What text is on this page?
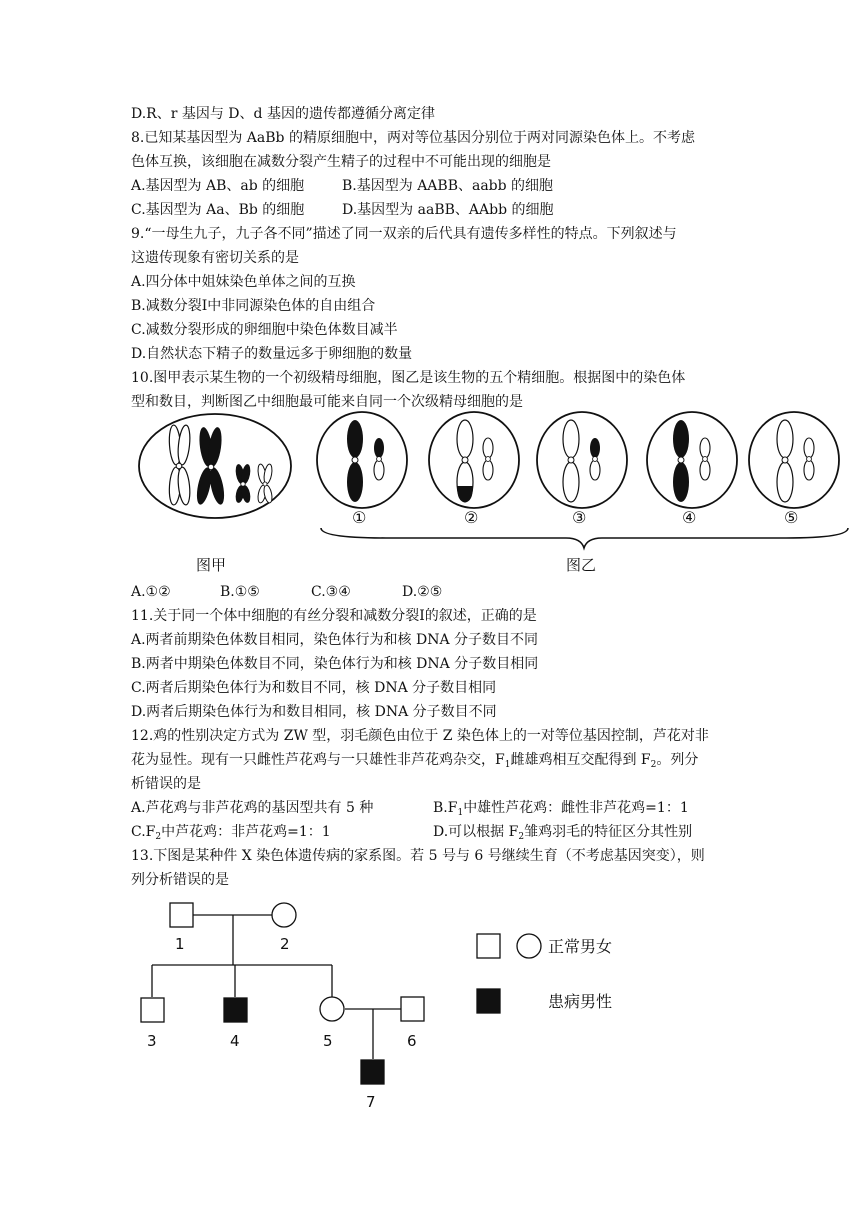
D.R、r 基因与 D、d 基因的遗传都遵循分离定律
8.已知某基因型为 AaBb 的精原细胞中，两对等位基因分别位于两对同源染色体上。不考虑
色体互换，该细胞在减数分裂产生精子的过程中不可能出现的细胞是
A.基因型为 AB、ab 的细胞	B.基因型为 AABB、aabb 的细胞
C.基因型为 Aa、Bb 的细胞	D.基因型为 aaBB、AAbb 的细胞
9.“一母生九子，九子各不同”描述了同一双亲的后代具有遗传多样性的特点。下列叙述与
这遗传现象有密切关系的是
A.四分体中姐妹染色单体之间的互换
B.减数分裂Ⅰ中非同源染色体的自由组合
C.减数分裂形成的卵细胞中染色体数目减半
D.自然状态下精子的数量远多于卵细胞的数量
10.图甲表示某生物的一个初级精母细胞，图乙是该生物的五个精细胞。根据图中的染色体
型和数目，判断图乙中细胞最可能来自同一个次级精母细胞的是
图甲
①	②	③	④	⑤
图乙
A.①②	B.①⑤	C.③④	D.②⑤
11.关于同一个体中细胞的有丝分裂和减数分裂Ⅰ的叙述，正确的是
A.两者前期染色体数目相同，染色体行为和核 DNA 分子数目不同
B.两者中期染色体数目不同，染色体行为和核 DNA 分子数目相同
C.两者后期染色体行为和数目不同，核 DNA 分子数目相同
D.两者后期染色体行为和数目相同，核 DNA 分子数目不同
12.鸡的性别决定方式为 ZW 型，羽毛颜色由位于 Z 染色体上的一对等位基因控制，芦花对非
花为显性。现有一只雌性芦花鸡与一只雄性非芦花鸡杂交，$F_1$雌雄鸡相互交配得到 $F_2$。列分
析错误的是
A.芦花鸡与非芦花鸡的基因型共有 5 种	$B.F_1$中雄性芦花鸡：雌性非芦花鸡=1：1
$C.F_2$中芦花鸡：非芦花鸡=1：1	D.可以根据 $F_2$雏鸡羽毛的特征区分其性别
13.下图是某种件 X 染色体遗传病的家系图。若 5 号与 6 号继续生育（不考虑基因突变），则
列分析错误的是
1	2
3	4	5	6
7
正常男女
患病男性
